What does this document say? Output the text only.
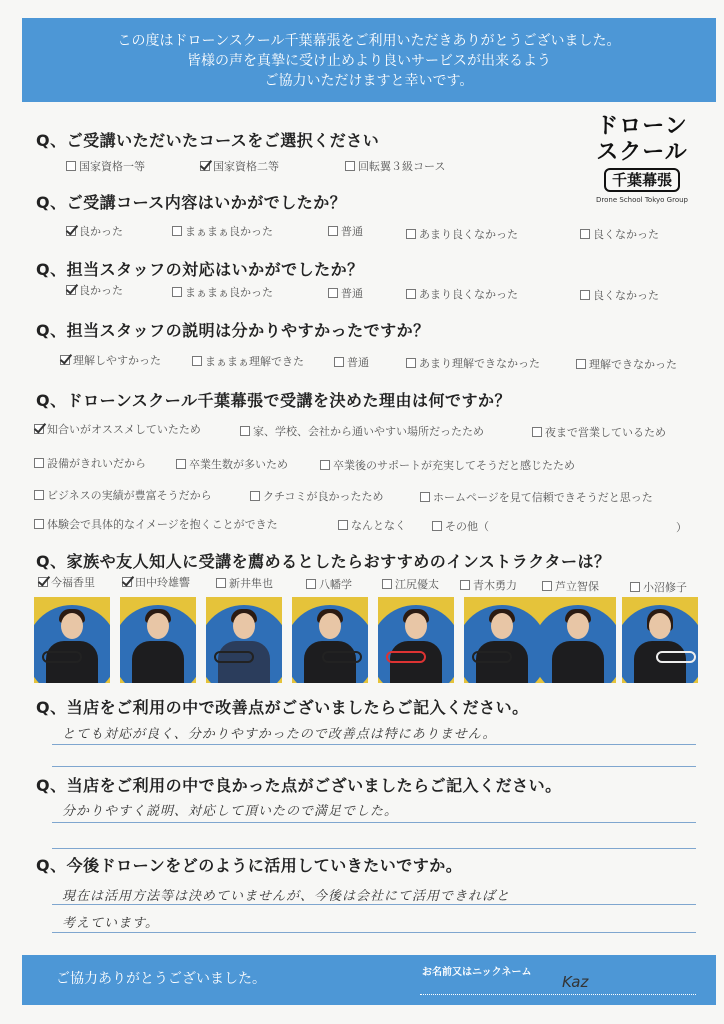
この度はドローンスクール千葉幕張をご利用いただきありがとうございました。
皆様の声を真摯に受け止めより良いサービスが出来るよう
ご協力いただけますと幸いです。
ドローン
スクール
千葉幕張
Drone School Tokyo Group
Q、ご受講いただいたコースをご選択ください
国家資格一等	国家資格二等	回転翼３級コース
Q、ご受講コース内容はいかがでしたか？
良かった	まぁまぁ良かった	普通	あまり良くなかった	良くなかった
Q、担当スタッフの対応はいかがでしたか？
良かった	まぁまぁ良かった	普通	あまり良くなかった	良くなかった
Q、担当スタッフの説明は分かりやすかったですか？
理解しやすかった	まぁまぁ理解できた	普通	あまり理解できなかった	理解できなかった
Q、ドローンスクール千葉幕張で受講を決めた理由は何ですか？
知合いがオススメしていたため	家、学校、会社から通いやすい場所だったため	夜まで営業しているため
設備がきれいだから	卒業生数が多いため	卒業後のサポートが充実してそうだと感じたため
ビジネスの実績が豊富そうだから	クチコミが良かったため	ホームページを見て信頼できそうだと思った
体験会で具体的なイメージを抱くことができた	なんとなく	その他（	）
Q、家族や友人知人に受講を薦めるとしたらおすすめのインストラクターは？
今福香里	田中玲雄響	新井隼也	八幡学	江尻優太	青木勇力	芦立智保	小沼修子
Q、当店をご利用の中で改善点がございましたらご記入ください。
とても対応が良く、分かりやすかったので改善点は特にありません。
Q、当店をご利用の中で良かった点がございましたらご記入ください。
分かりやすく説明、対応して頂いたので満足でした。
Q、今後ドローンをどのように活用していきたいですか。
現在は活用方法等は決めていませんが、今後は会社にて活用できればと
考えています。
ご協力ありがとうございました。	お名前又はニックネーム
Kaz
